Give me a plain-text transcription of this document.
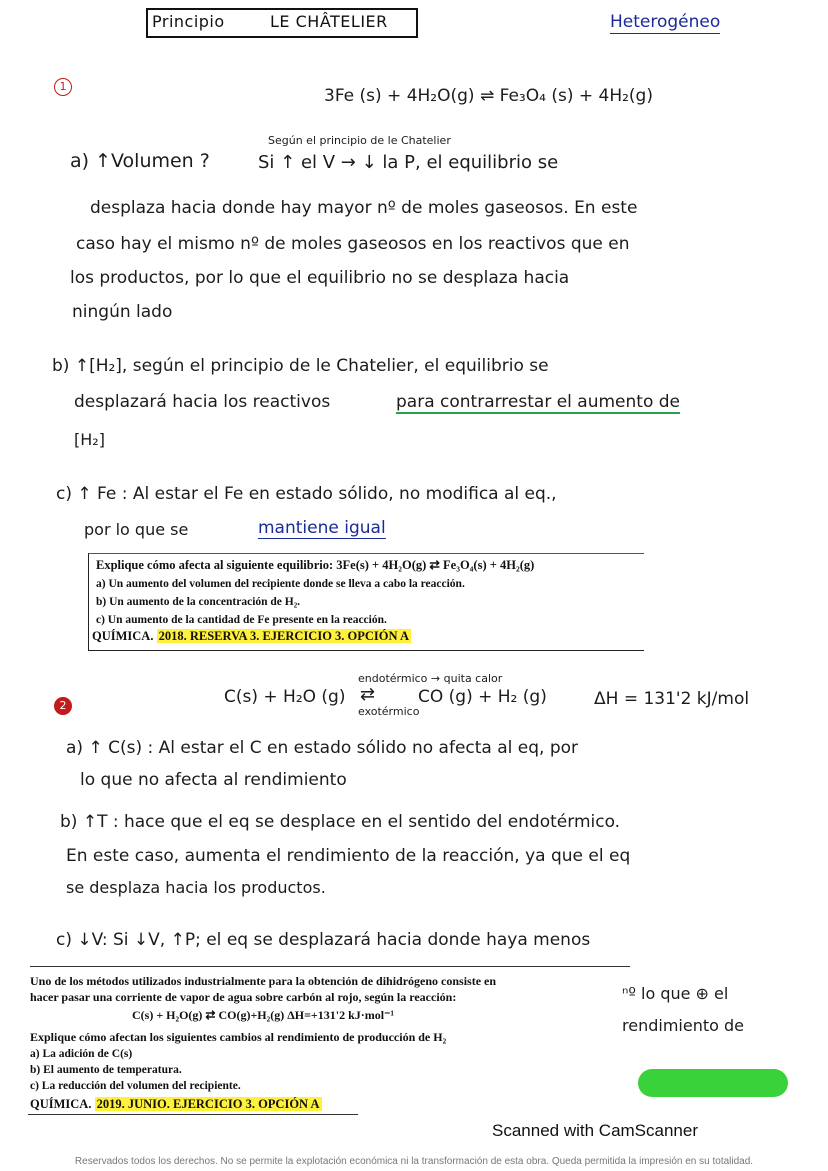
Principio	LE CHÂTELIER	Heterogéneo
1	3Fe (s) + 4H₂O(g) ⇌ Fe₃O₄ (s) + 4H₂(g)
Según el principio de le Chatelier
a) ↑Volumen ?	Si ↑ el V → ↓ la P, el equilibrio se
desplaza hacia donde hay mayor nº de moles gaseosos. En este
caso hay el mismo nº de moles gaseosos en los reactivos que en
los productos, por lo que el equilibrio no se desplaza hacia
ningún lado
b) ↑[H₂], según el principio de le Chatelier, el equilibrio se
desplazará hacia los reactivos	para contrarrestar el aumento de
[H₂]
c) ↑ Fe : Al estar el Fe en estado sólido, no modifica al eq.,
por lo que se	mantiene igual
Explique cómo afecta al siguiente equilibrio: 3Fe(s) + 4H₂O(g) ⇄ Fe₃O₄(s) + 4H₂(g)
a) Un aumento del volumen del recipiente donde se lleva a cabo la reacción.
b) Un aumento de la concentración de H₂.
c) Un aumento de la cantidad de Fe presente en la reacción.
QUÍMICA. 2018. RESERVA 3. EJERCICIO 3. OPCIÓN A
2
endotérmico → quita calor
C(s) + H₂O (g) ⇄	CO (g) + H₂ (g)
exotérmico
ΔH = 131'2 kJ/mol
a) ↑ C(s) : Al estar el C en estado sólido no afecta al eq, por
lo que no afecta al rendimiento
b) ↑T : hace que el eq se desplace en el sentido del endotérmico.
En este caso, aumenta el rendimiento de la reacción, ya que el eq
se desplaza hacia los productos.
c) ↓V: Si ↓V, ↑P; el eq se desplazará hacia donde haya menos
ⁿº lo que ⊕ el
rendimiento de
Uno de los métodos utilizados industrialmente para la obtención de dihidrógeno consiste en
hacer pasar una corriente de vapor de agua sobre carbón al rojo, según la reacción:
C(s) + H₂O(g) ⇄ CO(g)+H₂(g) ΔH=+131'2 kJ·mol⁻¹
Explique cómo afectan los siguientes cambios al rendimiento de producción de H₂
a) La adición de C(s)
b) El aumento de temperatura.
c) La reducción del volumen del recipiente.
QUÍMICA. 2019. JUNIO. EJERCICIO 3. OPCIÓN A
Scanned with CamScanner
Reservados todos los derechos. No se permite la explotación económica ni la transformación de esta obra. Queda permitida la impresión en su totalidad.
